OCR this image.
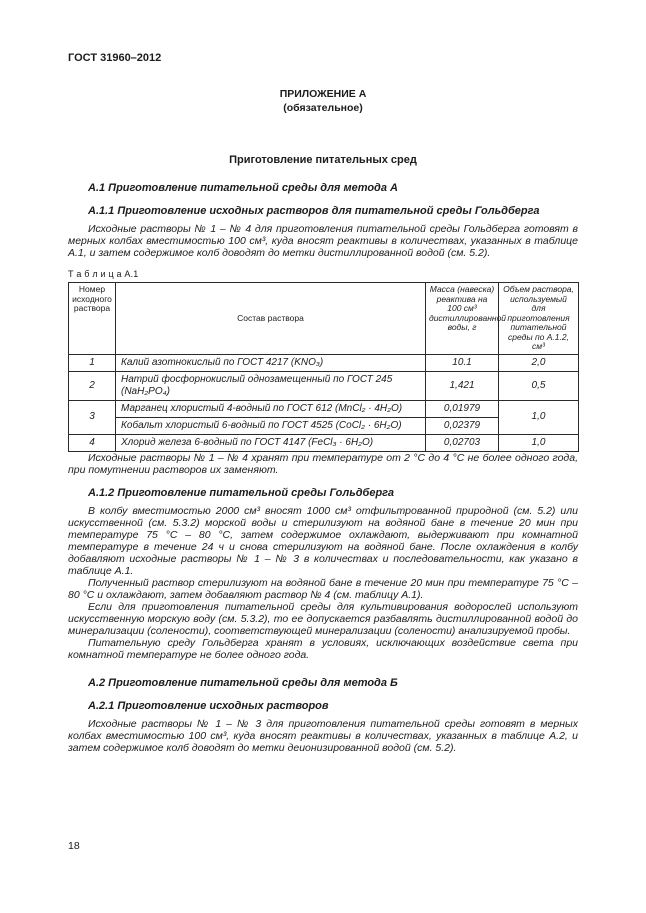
ГОСТ 31960–2012
ПРИЛОЖЕНИЕ А
(обязательное)
Приготовление питательных сред
А.1 Приготовление питательной среды для метода А
А.1.1 Приготовление исходных растворов для питательной среды Гольдберга

Исходные растворы № 1 – № 4 для приготовления питательной среды Гольдберга готовят в мерных колбах вместимостью 100 см³, куда вносят реактивы в количествах, указанных в таблице А.1, и затем содержимое колб доводят до метки дистиллированной водой (см. 5.2).

Т а б л и ц а А.1
Номер исходного раствора	Состав раствора	Масса (навеска) реактива на 100 см³ дистиллированной воды, г	Объем раствора, используемый для приготовления питательной среды по А.1.2, см³
1	Калий азотнокислый по ГОСТ 4217 (KNO₃)	10.1	2,0
2	Натрий фосфорнокислый однозамещенный по ГОСТ 245 (NaH₂PO₄)	1,421	0,5
3	Марганец хлористый 4-водный по ГОСТ 612 (MnCl₂ · 4H₂O)	0,01979	1,0
	Кобальт хлористый 6-водный по ГОСТ 4525 (CoCl₂ · 6H₂O)	0,02379	
4	Хлорид железа 6-водный по ГОСТ 4147 (FeCl₃ · 6H₂O)	0,02703	1,0

Исходные растворы № 1 – № 4 хранят при температуре от 2 °С до 4 °С не более одного года, при помутнении растворов их заменяют.

А.1.2 Приготовление питательной среды Гольдберга

В колбу вместимостью 2000 см³ вносят 1000 см³ отфильтрованной природной (см. 5.2) или искусственной (см. 5.3.2) морской воды и стерилизуют на водяной бане в течение 20 мин при температуре 75 °С – 80 °С, затем содержимое охлаждают, выдерживают при комнатной температуре в течение 24 ч и снова стерилизуют на водяной бане. После охлаждения в колбу добавляют исходные растворы № 1 – № 3 в количествах и последовательности, как указано в таблице А.1.

Полученный раствор стерилизуют на водяной бане в течение 20 мин при температуре 75 °С – 80 °С и охлаждают, затем добавляют раствор № 4 (см. таблицу А.1).

Если для приготовления питательной среды для культивирования водорослей используют искусственную морскую воду (см. 5.3.2), то ее допускается разбавлять дистиллированной водой до минерализации (солености), соответствующей минерализации (солености) анализируемой пробы.

Питательную среду Гольдберга хранят в условиях, исключающих воздействие света при комнатной температуре не более одного года.

А.2 Приготовление питательной среды для метода Б
А.2.1 Приготовление исходных растворов

Исходные растворы № 1 – № 3 для приготовления питательной среды готовят в мерных колбах вместимостью 100 см³, куда вносят реактивы в количествах, указанных в таблице А.2, и затем содержимое колб доводят до метки деионизированной водой (см. 5.2).

18
